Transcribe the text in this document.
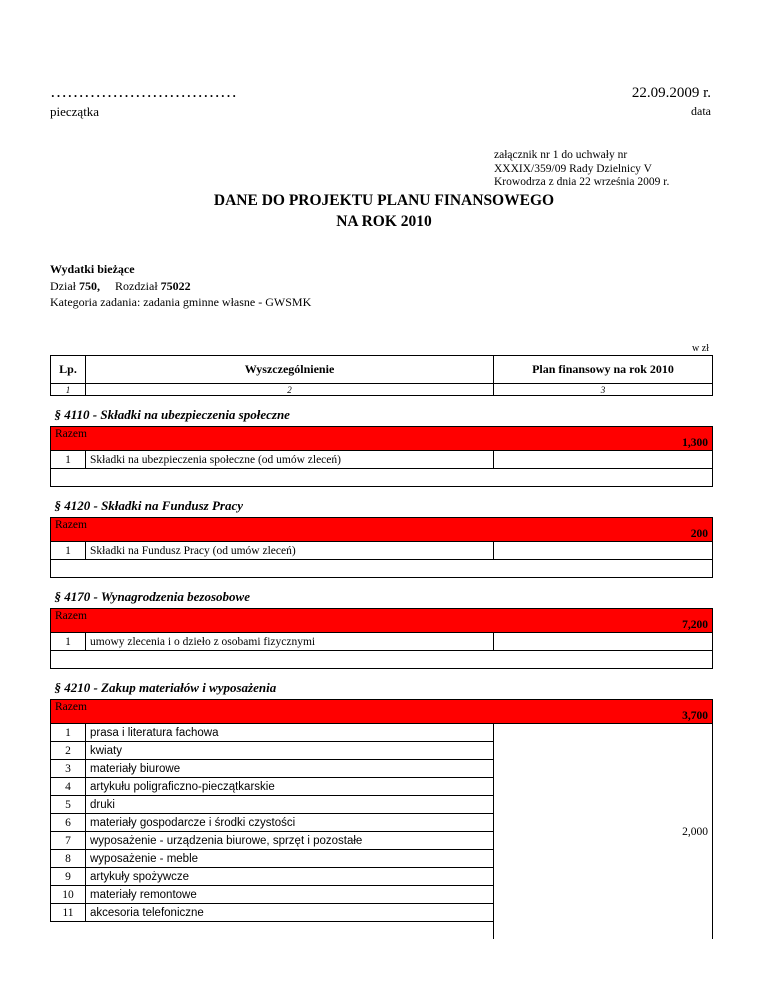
……………………………
pieczątka
22.09.2009 r.
data
załącznik nr 1 do uchwały nr
XXXIX/359/09 Rady Dzielnicy V
Krowodrza z dnia 22 września 2009 r.
DANE DO PROJEKTU PLANU FINANSOWEGO
NA ROK 2010
Wydatki bieżące
Dział 750, Rozdział 75022
Kategoria zadania: zadania gminne własne - GWSMK
w zł
Lp.	Wyszczególnienie	Plan finansowy na rok 2010
1	2	3
§ 4110 - Składki na ubezpieczenia społeczne		
Razem		1,300
1	Składki na ubezpieczenia społeczne (od umów zleceń)	

§ 4120 - Składki na Fundusz Pracy		
Razem		200
1	Składki na Fundusz Pracy (od umów zleceń)	

§ 4170 - Wynagrodzenia bezosobowe		
Razem		7,200
1	umowy zlecenia i o dzieło z osobami fizycznymi	

§ 4210 - Zakup materiałów i wyposażenia		
Razem		3,700
1	prasa i literatura fachowa	2,000
2	kwiaty	
3	materiały biurowe	
4	artykułu poligraficzno-pieczątkarskie	
5	druki	
6	materiały gospodarcze i środki czystości	
7	wyposażenie - urządzenia biurowe, sprzęt i pozostałe	
8	wyposażenie - meble	
9	artykuły spożywcze	
10	materiały remontowe	
11	akcesoria telefoniczne	
